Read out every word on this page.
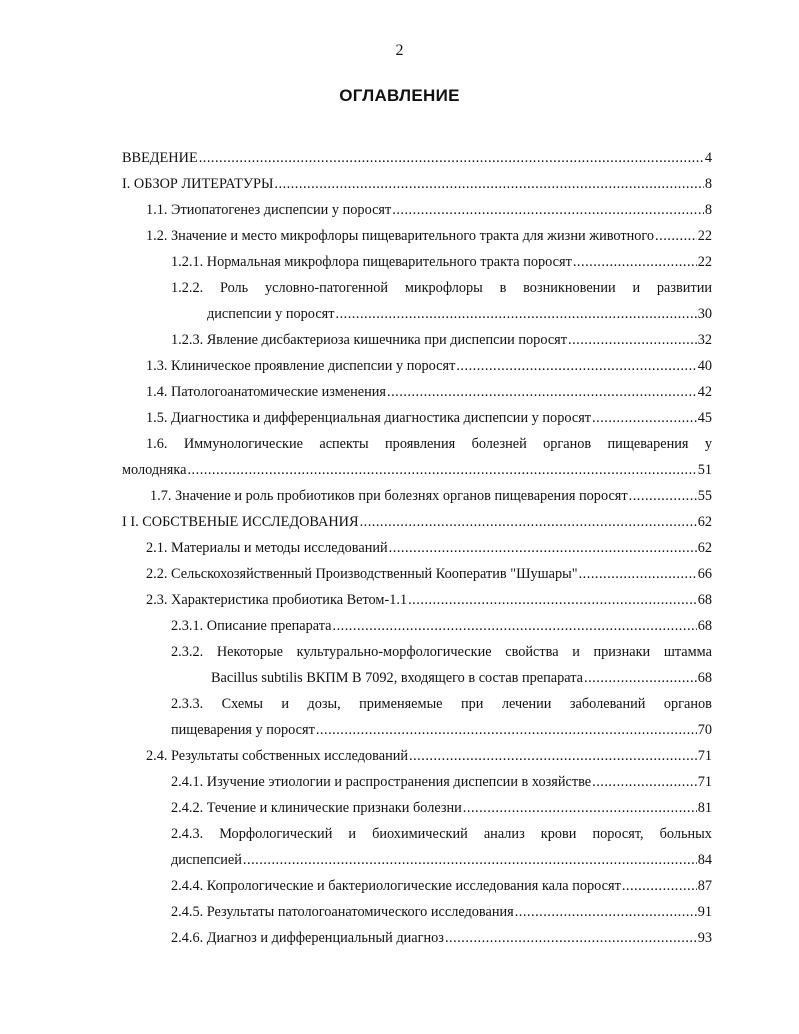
2
ОГЛАВЛЕНИЕ
ВВЕДЕНИЕ .....	4
I. ОБЗОР ЛИТЕРАТУРЫ .....	8
1.1. Этиопатогенез диспепсии у поросят .....	8
1.2. Значение и место микрофлоры пищеварительного тракта для жизни животного .....	22
1.2.1. Нормальная микрофлора пищеварительного тракта поросят .....	22
1.2.2. Роль условно-патогенной микрофлоры в возникновении и развитии
диспепсии у поросят .....	30
1.2.3. Явление дисбактериоза кишечника при диспепсии поросят .....	32
1.3. Клиническое проявление диспепсии у поросят .....	40
1.4. Патологоанатомические изменения .....	42
1.5. Диагностика и дифференциальная диагностика диспепсии у поросят .....	45
1.6. Иммунологические аспекты проявления болезней органов пищеварения у
молодняка .....	51
1.7. Значение и роль пробиотиков при болезнях органов пищеварения поросят .....	55
I I. СОБСТВЕНЫЕ ИССЛЕДОВАНИЯ .....	62
2.1. Материалы и методы исследований .....	62
2.2. Сельскохозяйственный Производственный Кооператив "Шушары" .....	66
2.3. Характеристика пробиотика Ветом-1.1 .....	68
2.3.1. Описание препарата .....	68
2.3.2. Некоторые культурально-морфологические свойства и признаки штамма
Bacillus subtilis ВКПМ В 7092, входящего в состав препарата .....	68
2.3.3. Схемы и дозы, применяемые при лечении заболеваний органов
пищеварения у поросят .....	70
2.4. Результаты собственных исследований .....	71
2.4.1. Изучение этиологии и распространения диспепсии в хозяйстве .....	71
2.4.2. Течение и клинические признаки болезни .....	81
2.4.3. Морфологический и биохимический анализ крови поросят, больных
диспепсией .....	84
2.4.4. Копрологические и бактериологические исследования кала поросят .....	87
2.4.5. Результаты патологоанатомического исследования .....	91
2.4.6. Диагноз и дифференциальный диагноз .....	93
